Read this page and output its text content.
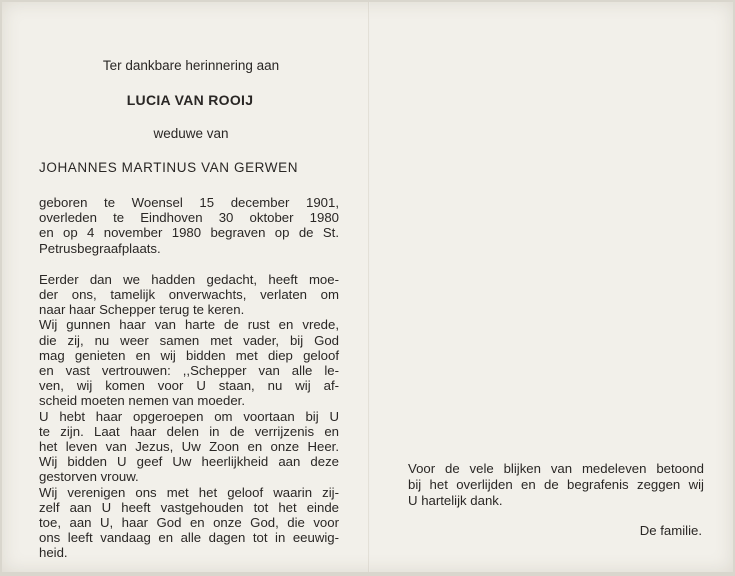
Ter dankbare herinnering aan
LUCIA VAN ROOIJ
weduwe van
JOHANNES MARTINUS VAN GERWEN
geboren te Woensel 15 december 1901,
overleden te Eindhoven 30 oktober 1980
en op 4 november 1980 begraven op de St.
Petrusbegraafplaats.
Eerder dan we hadden gedacht, heeft moe-
der ons, tamelijk onverwachts, verlaten om
naar haar Schepper terug te keren.
Wij gunnen haar van harte de rust en vrede,
die zij, nu weer samen met vader, bij God
mag genieten en wij bidden met diep geloof
en vast vertrouwen: ,,Schepper van alle le-
ven, wij komen voor U staan, nu wij af-
scheid moeten nemen van moeder.
U hebt haar opgeroepen om voortaan bij U
te zijn. Laat haar delen in de verrijzenis en
het leven van Jezus, Uw Zoon en onze Heer.
Wij bidden U geef Uw heerlijkheid aan deze
gestorven vrouw.
Wij verenigen ons met het geloof waarin zij-
zelf aan U heeft vastgehouden tot het einde
toe, aan U, haar God en onze God, die voor
ons leeft vandaag en alle dagen tot in eeuwig-
heid.
Voor de vele blijken van medeleven betoond
bij het overlijden en de begrafenis zeggen wij
U hartelijk dank.
De familie.
